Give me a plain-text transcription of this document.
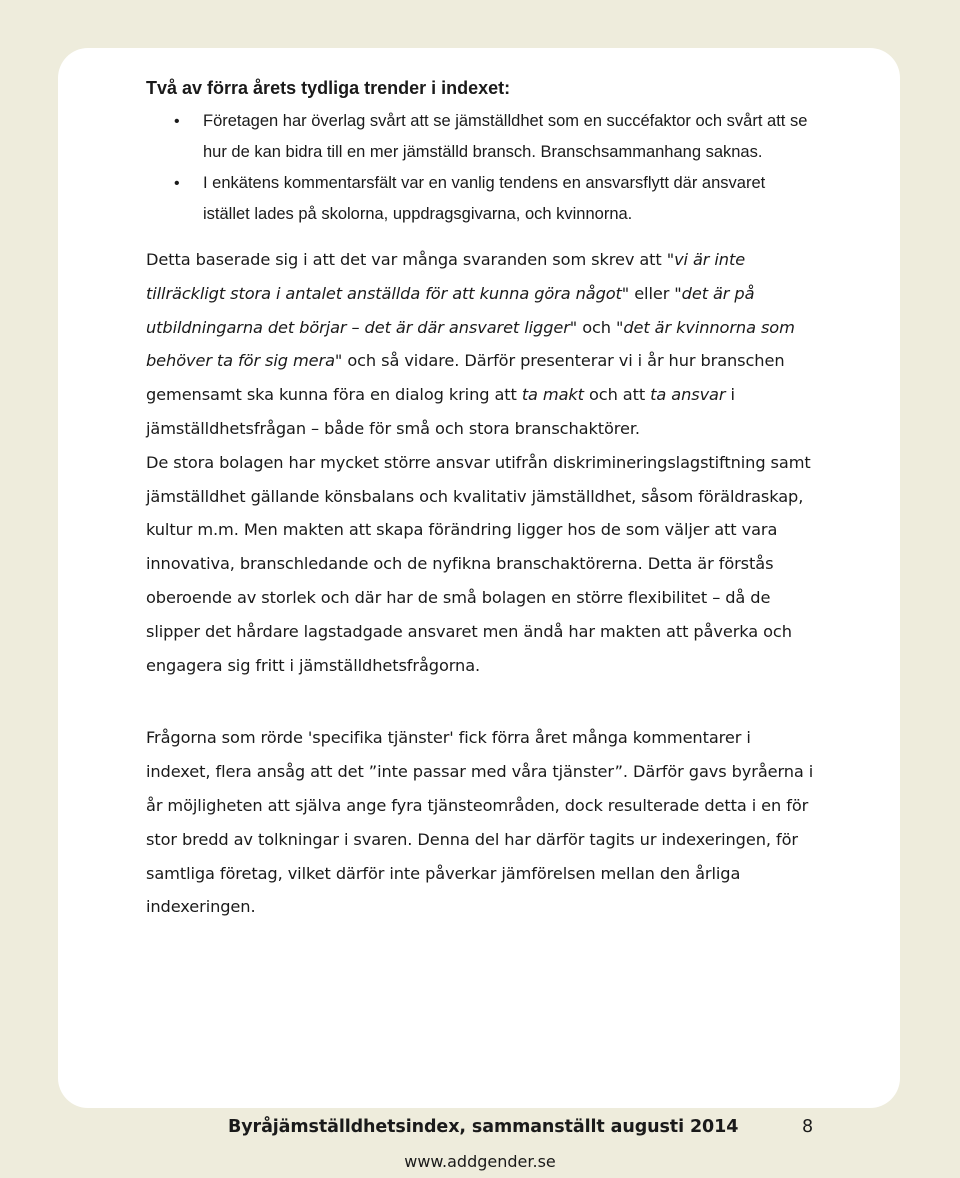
Två av förra årets tydliga trender i indexet:
• Företagen har överlag svårt att se jämställdhet som en succéfaktor och svårt att se hur de kan bidra till en mer jämställd bransch. Branschsammanhang saknas.
• I enkätens kommentarsfält var en vanlig tendens en ansvarsflytt där ansvaret istället lades på skolorna, uppdragsgivarna, och kvinnorna.

Detta baserade sig i att det var många svaranden som skrev att "vi är inte tillräckligt stora i antalet anställda för att kunna göra något" eller "det är på utbildningarna det börjar – det är där ansvaret ligger" och "det är kvinnorna som behöver ta för sig mera" och så vidare. Därför presenterar vi i år hur branschen gemensamt ska kunna föra en dialog kring att ta makt och att ta ansvar i jämställdhetsfrågan – både för små och stora branschaktörer.

De stora bolagen har mycket större ansvar utifrån diskrimineringslagstiftning samt jämställdhet gällande könsbalans och kvalitativ jämställdhet, såsom föräldraskap, kultur m.m. Men makten att skapa förändring ligger hos de som väljer att vara innovativa, branschledande och de nyfikna branschaktörerna. Detta är förstås oberoende av storlek och där har de små bolagen en större flexibilitet – då de slipper det hårdare lagstadgade ansvaret men ändå har makten att påverka och engagera sig fritt i jämställdhetsfrågorna.

Frågorna som rörde 'specifika tjänster' fick förra året många kommentarer i indexet, flera ansåg att det ”inte passar med våra tjänster”. Därför gavs byråerna i år möjligheten att själva ange fyra tjänsteområden, dock resulterade detta i en för stor bredd av tolkningar i svaren. Denna del har därför tagits ur indexeringen, för samtliga företag, vilket därför inte påverkar jämförelsen mellan den årliga indexeringen.

Byråjämställdhetsindex, sammanställt augusti 2014	8
www.addgender.se
